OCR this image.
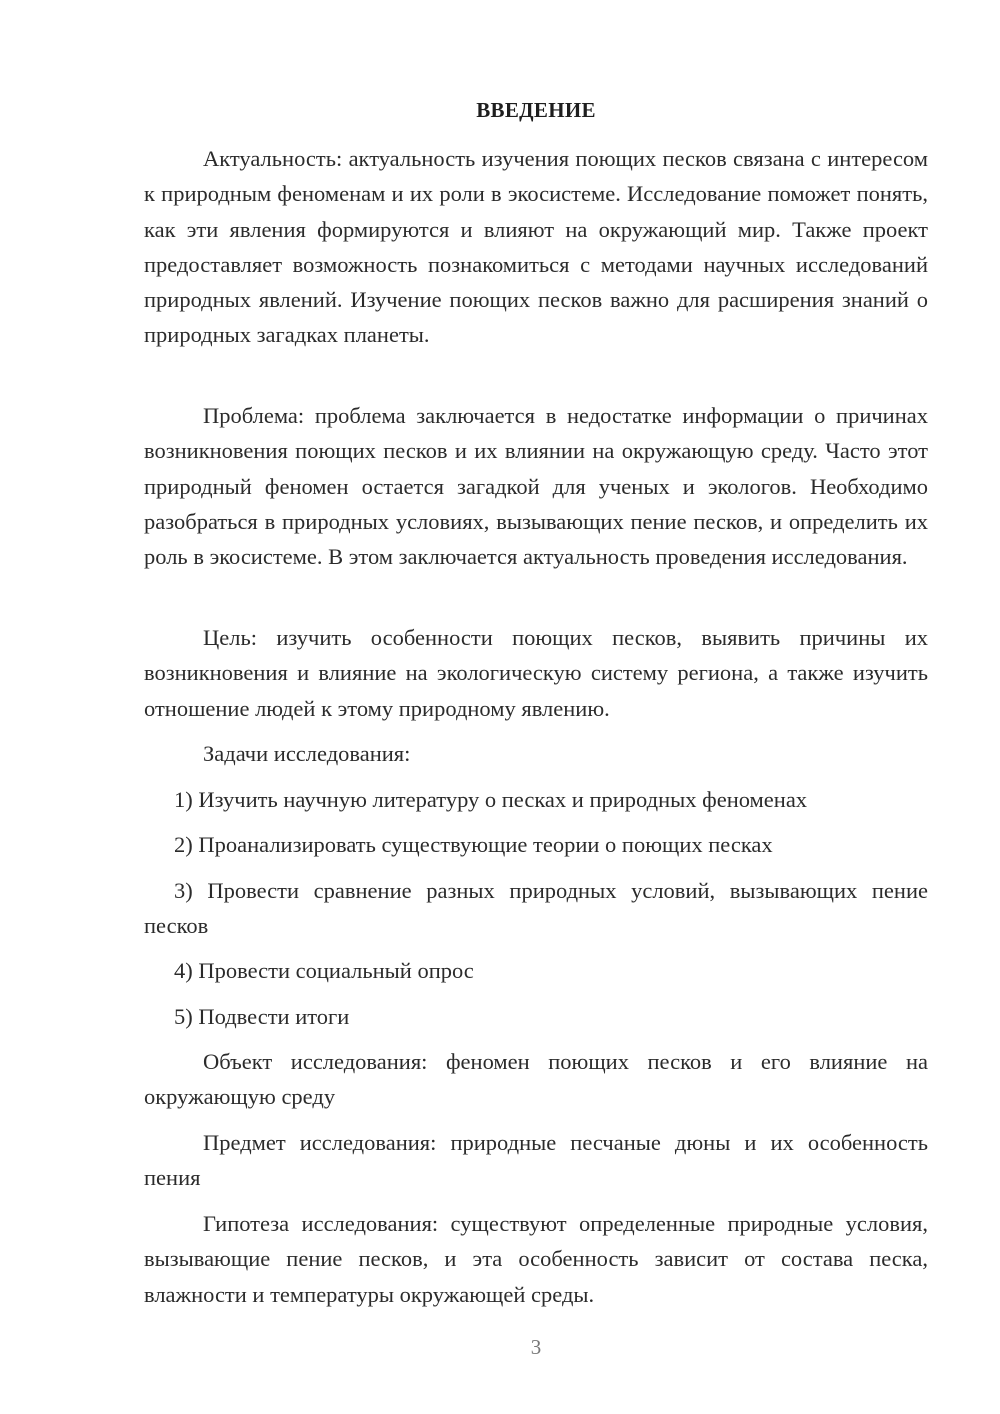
ВВЕДЕНИЕ

Актуальность: актуальность изучения поющих песков связана с интересом к природным феноменам и их роли в экосистеме. Исследование поможет понять, как эти явления формируются и влияют на окружающий мир. Также проект предоставляет возможность познакомиться с методами научных исследований природных явлений. Изучение поющих песков важно для расширения знаний о природных загадках планеты.

Проблема: проблема заключается в недостатке информации о причинах возникновения поющих песков и их влиянии на окружающую среду. Часто этот природный феномен остается загадкой для ученых и экологов. Необходимо разобраться в природных условиях, вызывающих пение песков, и определить их роль в экосистеме. В этом заключается актуальность проведения исследования.

Цель: изучить особенности поющих песков, выявить причины их возникновения и влияние на экологическую систему региона, а также изучить отношение людей к этому природному явлению.

Задачи исследования:

1) Изучить научную литературу о песках и природных феноменах

2) Проанализировать существующие теории о поющих песках

3) Провести сравнение разных природных условий, вызывающих пение песков

4) Провести социальный опрос

5) Подвести итоги

Объект исследования: феномен поющих песков и его влияние на окружающую среду

Предмет исследования: природные песчаные дюны и их особенность пения

Гипотеза исследования: существуют определенные природные условия, вызывающие пение песков, и эта особенность зависит от состава песка, влажности и температуры окружающей среды.

3
